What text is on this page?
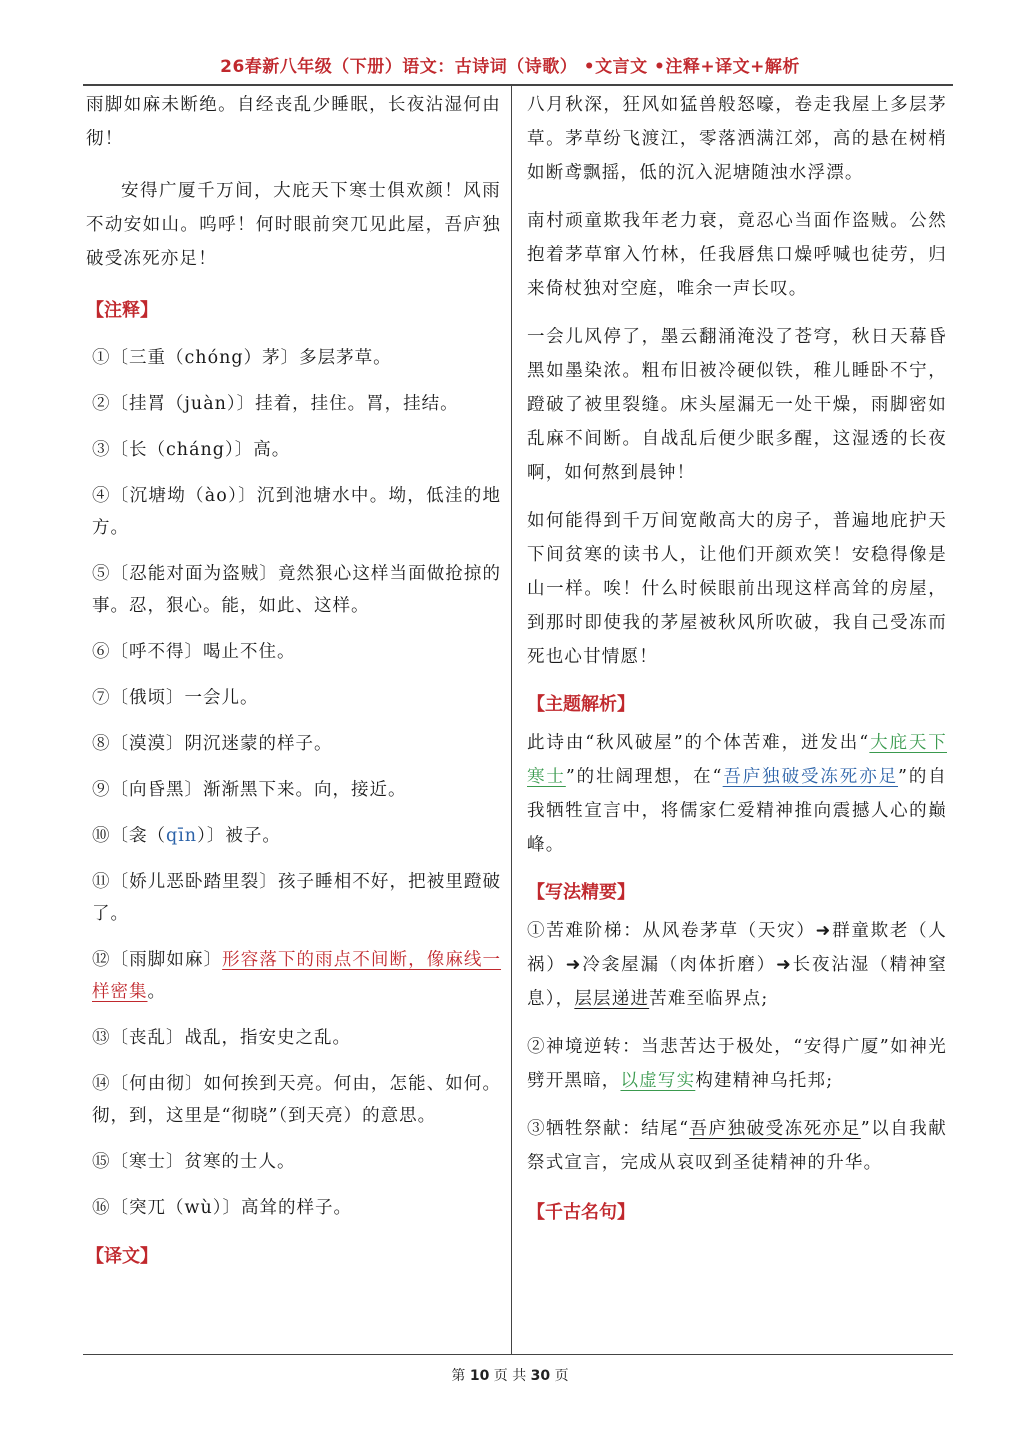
26春新八年级（下册）语文：古诗词（诗歌） •文言文 •注释+译文+解析

雨脚如麻未断绝。自经丧乱少睡眠，长夜沾湿何由彻！

安得广厦千万间，大庇天下寒士俱欢颜！风雨不动安如山。呜呼！何时眼前突兀见此屋，吾庐独破受冻死亦足！

【注释】

①〔三重（chóng）茅〕多层茅草。

②〔挂罥（juàn）〕挂着，挂住。罥，挂结。

③〔长（cháng）〕高。

④〔沉塘坳（ào）〕沉到池塘水中。坳，低洼的地方。

⑤〔忍能对面为盗贼〕竟然狠心这样当面做抢掠的事。忍，狠心。能，如此、这样。

⑥〔呼不得〕喝止不住。

⑦〔俄顷〕一会儿。

⑧〔漠漠〕阴沉迷蒙的样子。

⑨〔向昏黑〕渐渐黑下来。向，接近。

⑩〔衾（qīn）〕被子。

⑪〔娇儿恶卧踏里裂〕孩子睡相不好，把被里蹬破了。

⑫〔雨脚如麻〕形容落下的雨点不间断，像麻线一样密集。

⑬〔丧乱〕战乱，指安史之乱。

⑭〔何由彻〕如何挨到天亮。何由，怎能、如何。彻，到，这里是“彻晓”（到天亮）的意思。

⑮〔寒士〕贫寒的士人。

⑯〔突兀（wù）〕高耸的样子。

【译文】

八月秋深，狂风如猛兽般怒嚎，卷走我屋上多层茅草。茅草纷飞渡江，零落洒满江郊，高的悬在树梢如断鸢飘摇，低的沉入泥塘随浊水浮漂。

南村顽童欺我年老力衰，竟忍心当面作盗贼。公然抱着茅草窜入竹林，任我唇焦口燥呼喊也徒劳，归来倚杖独对空庭，唯余一声长叹。

一会儿风停了，墨云翻涌淹没了苍穹，秋日天幕昏黑如墨染浓。粗布旧被冷硬似铁，稚儿睡卧不宁，蹬破了被里裂缝。床头屋漏无一处干燥，雨脚密如乱麻不间断。自战乱后便少眠多醒，这湿透的长夜啊，如何熬到晨钟！

如何能得到千万间宽敞高大的房子，普遍地庇护天下间贫寒的读书人，让他们开颜欢笑！安稳得像是山一样。唉！什么时候眼前出现这样高耸的房屋，到那时即使我的茅屋被秋风所吹破，我自己受冻而死也心甘情愿！

【主题解析】

此诗由“秋风破屋”的个体苦难，迸发出“大庇天下寒士”的壮阔理想，在“吾庐独破受冻死亦足”的自我牺牲宣言中，将儒家仁爱精神推向震撼人心的巅峰。

【写法精要】

①苦难阶梯：从风卷茅草（天灾）➜群童欺老（人祸）➜冷衾屋漏（肉体折磨）➜长夜沾湿（精神窒息），层层递进苦难至临界点;

②神境逆转：当悲苦达于极处，“安得广厦”如神光劈开黑暗，以虚写实构建精神乌托邦;

③牺牲祭献：结尾“吾庐独破受冻死亦足”以自我献祭式宣言，完成从哀叹到圣徒精神的升华。

【千古名句】

第 10 页 共 30 页
